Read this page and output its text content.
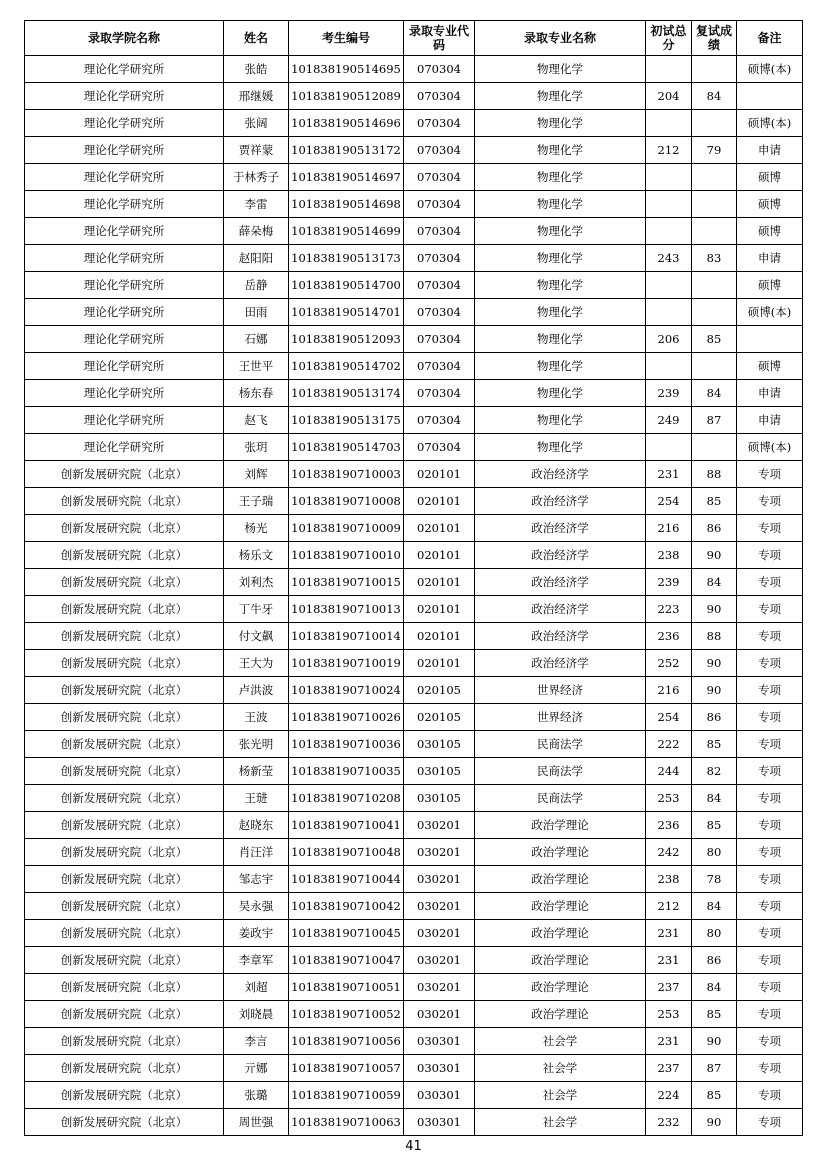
录取学院名称	姓名	考生编号	录取专业代码	录取专业名称	初试总分	复试成绩	备注
理论化学研究所	张皓	101838190514695	070304	物理化学			硕博(本)
理论化学研究所	邢继媛	101838190512089	070304	物理化学	204	84	
理论化学研究所	张阔	101838190514696	070304	物理化学			硕博(本)
理论化学研究所	贾祥蒙	101838190513172	070304	物理化学	212	79	申请
理论化学研究所	于林秀子	101838190514697	070304	物理化学			硕博
理论化学研究所	李雷	101838190514698	070304	物理化学			硕博
理论化学研究所	薛朵梅	101838190514699	070304	物理化学			硕博
理论化学研究所	赵阳阳	101838190513173	070304	物理化学	243	83	申请
理论化学研究所	岳静	101838190514700	070304	物理化学			硕博
理论化学研究所	田雨	101838190514701	070304	物理化学			硕博(本)
理论化学研究所	石娜	101838190512093	070304	物理化学	206	85	
理论化学研究所	王世平	101838190514702	070304	物理化学			硕博
理论化学研究所	杨东春	101838190513174	070304	物理化学	239	84	申请
理论化学研究所	赵飞	101838190513175	070304	物理化学	249	87	申请
理论化学研究所	张玥	101838190514703	070304	物理化学			硕博(本)
创新发展研究院（北京）	刘辉	101838190710003	020101	政治经济学	231	88	专项
创新发展研究院（北京）	王子瑞	101838190710008	020101	政治经济学	254	85	专项
创新发展研究院（北京）	杨光	101838190710009	020101	政治经济学	216	86	专项
创新发展研究院（北京）	杨乐文	101838190710010	020101	政治经济学	238	90	专项
创新发展研究院（北京）	刘利杰	101838190710015	020101	政治经济学	239	84	专项
创新发展研究院（北京）	丁牛牙	101838190710013	020101	政治经济学	223	90	专项
创新发展研究院（北京）	付文飙	101838190710014	020101	政治经济学	236	88	专项
创新发展研究院（北京）	王大为	101838190710019	020101	政治经济学	252	90	专项
创新发展研究院（北京）	卢洪波	101838190710024	020105	世界经济	216	90	专项
创新发展研究院（北京）	王波	101838190710026	020105	世界经济	254	86	专项
创新发展研究院（北京）	张光明	101838190710036	030105	民商法学	222	85	专项
创新发展研究院（北京）	杨新莹	101838190710035	030105	民商法学	244	82	专项
创新发展研究院（北京）	王琎	101838190710208	030105	民商法学	253	84	专项
创新发展研究院（北京）	赵晓东	101838190710041	030201	政治学理论	236	85	专项
创新发展研究院（北京）	肖汪洋	101838190710048	030201	政治学理论	242	80	专项
创新发展研究院（北京）	邹志宇	101838190710044	030201	政治学理论	238	78	专项
创新发展研究院（北京）	吴永强	101838190710042	030201	政治学理论	212	84	专项
创新发展研究院（北京）	姜政宇	101838190710045	030201	政治学理论	231	80	专项
创新发展研究院（北京）	李章军	101838190710047	030201	政治学理论	231	86	专项
创新发展研究院（北京）	刘超	101838190710051	030201	政治学理论	237	84	专项
创新发展研究院（北京）	刘晓晨	101838190710052	030201	政治学理论	253	85	专项
创新发展研究院（北京）	李言	101838190710056	030301	社会学	231	90	专项
创新发展研究院（北京）	亓娜	101838190710057	030301	社会学	237	87	专项
创新发展研究院（北京）	张璐	101838190710059	030301	社会学	224	85	专项
创新发展研究院（北京）	周世强	101838190710063	030301	社会学	232	90	专项
41
